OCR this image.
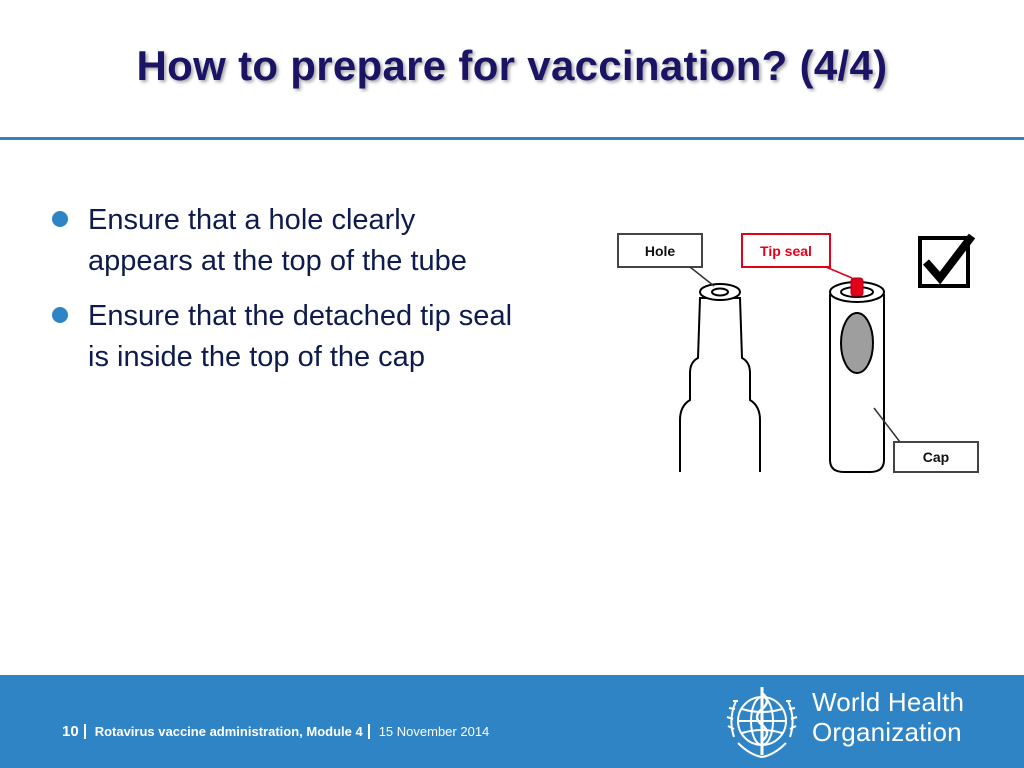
How to prepare for vaccination? (4/4)
Ensure that a hole clearly appears at the top of the tube
Ensure that the detached tip seal is inside the top of the cap
Hole	Tip seal
Cap
10 Rotavirus vaccine administration, Module 4 15 November 2014
World Health
Organization
